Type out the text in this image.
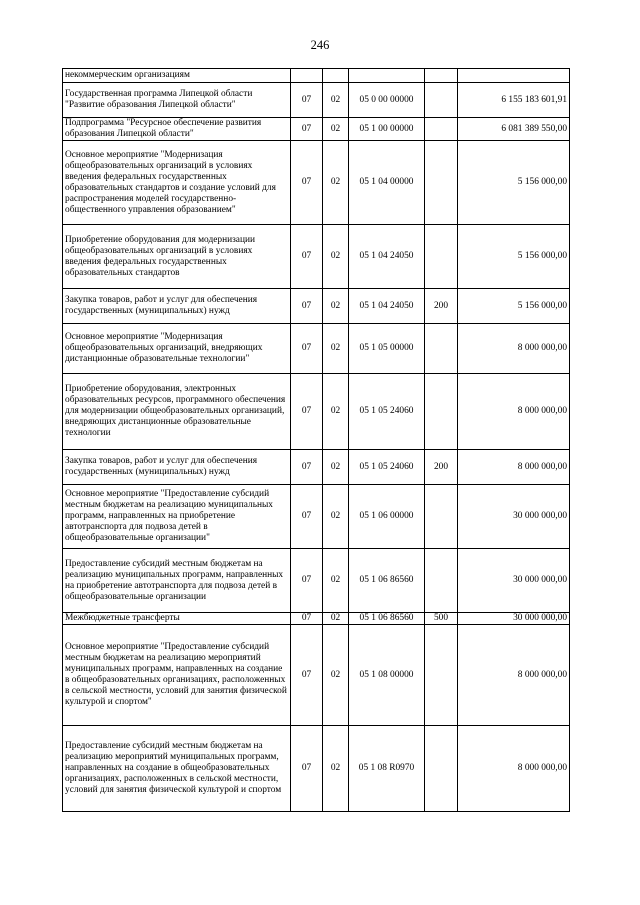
246
некоммерческим организациям					
Государственная программа Липецкой области "Развитие образования Липецкой области"	07	02	05 0 00 00000		6 155 183 601,91
Подпрограмма "Ресурсное обеспечение развития образования Липецкой области"	07	02	05 1 00 00000		6 081 389 550,00
Основное мероприятие "Модернизация общеобразовательных организаций в условиях введения федеральных государственных образовательных стандартов и создание условий для распространения моделей государственно-общественного управления образованием"	07	02	05 1 04 00000		5 156 000,00
Приобретение оборудования для модернизации общеобразовательных организаций в условиях введения федеральных государственных образовательных стандартов	07	02	05 1 04 24050		5 156 000,00
Закупка товаров, работ и услуг для обеспечения государственных (муниципальных) нужд	07	02	05 1 04 24050	200	5 156 000,00
Основное мероприятие "Модернизация общеобразовательных организаций, внедряющих дистанционные образовательные технологии"	07	02	05 1 05 00000		8 000 000,00
Приобретение оборудования, электронных образовательных ресурсов, программного обеспечения для модернизации общеобразовательных организаций, внедряющих дистанционные образовательные технологии	07	02	05 1 05 24060		8 000 000,00
Закупка товаров, работ и услуг для обеспечения государственных (муниципальных) нужд	07	02	05 1 05 24060	200	8 000 000,00
Основное мероприятие "Предоставление субсидий местным бюджетам на реализацию муниципальных программ, направленных на приобретение автотранспорта для подвоза детей в общеобразовательные организации"	07	02	05 1 06 00000		30 000 000,00
Предоставление субсидий местным бюджетам на реализацию муниципальных программ, направленных на приобретение автотранспорта для подвоза детей в общеобразовательные организации	07	02	05 1 06 86560		30 000 000,00
Межбюджетные трансферты	07	02	05 1 06 86560	500	30 000 000,00
Основное мероприятие "Предоставление субсидий местным бюджетам на реализацию мероприятий муниципальных программ, направленных на создание в общеобразовательных организациях, расположенных в сельской местности, условий для занятия физической культурой и спортом"	07	02	05 1 08 00000		8 000 000,00
Предоставление субсидий местным бюджетам на реализацию мероприятий муниципальных программ, направленных на создание в общеобразовательных организациях, расположенных в сельской местности, условий для занятия физической культурой и спортом	07	02	05 1 08 R0970		8 000 000,00
